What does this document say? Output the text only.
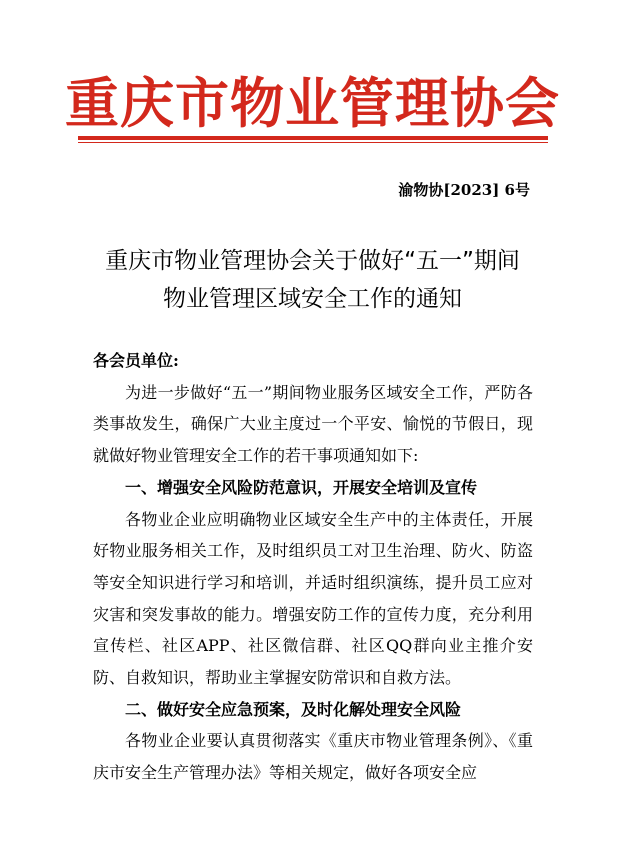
重庆市物业管理协会
渝物协[2023] 6号
重庆市物业管理协会关于做好“五一”期间
物业管理区域安全工作的通知
各会员单位:
为进一步做好“五一”期间物业服务区域安全工作，严防各类事故发生，确保广大业主度过一个平安、愉悦的节假日，现就做好物业管理安全工作的若干事项通知如下:
一、增强安全风险防范意识，开展安全培训及宣传
各物业企业应明确物业区域安全生产中的主体责任，开展好物业服务相关工作，及时组织员工对卫生治理、防火、防盗等安全知识进行学习和培训，并适时组织演练，提升员工应对灾害和突发事故的能力。增强安防工作的宣传力度，充分利用宣传栏、社区APP、社区微信群、社区QQ群向业主推介安防、自救知识，帮助业主掌握安防常识和自救方法。
二、做好安全应急预案，及时化解处理安全风险
各物业企业要认真贯彻落实《重庆市物业管理条例》、《重庆市安全生产管理办法》等相关规定，做好各项安全应
